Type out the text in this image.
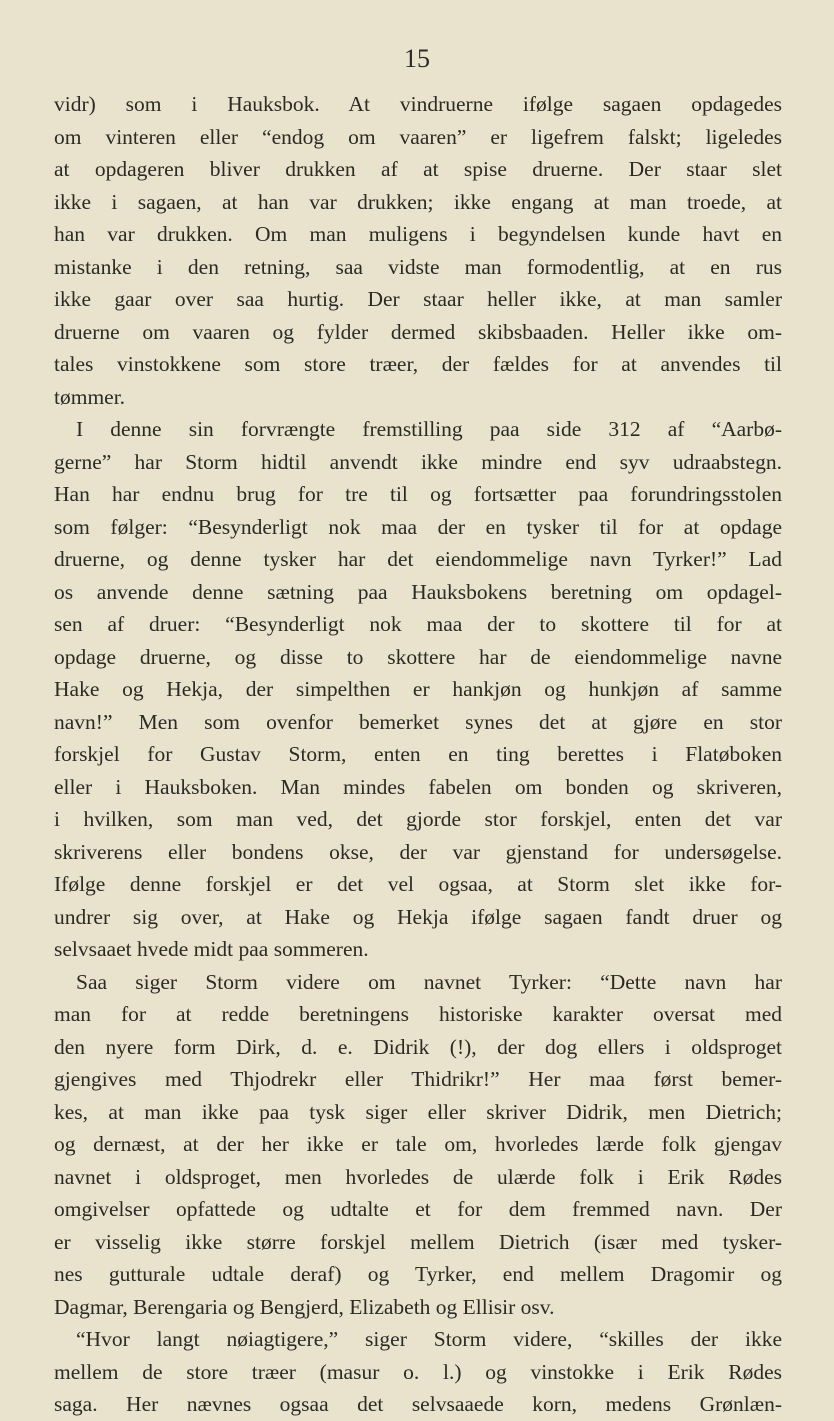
15
vidr) som i Hauksbok. At vindruerne ifølge sagaen opdagedes
om vinteren eller “endog om vaaren” er ligefrem falskt; ligeledes
at opdageren bliver drukken af at spise druerne. Der staar slet
ikke i sagaen, at han var drukken; ikke engang at man troede, at
han var drukken. Om man muligens i begyndelsen kunde havt en
mistanke i den retning, saa vidste man formodentlig, at en rus
ikke gaar over saa hurtig. Der staar heller ikke, at man samler
druerne om vaaren og fylder dermed skibsbaaden. Heller ikke om-
tales vinstokkene som store træer, der fældes for at anvendes til
tømmer.
I denne sin forvrængte fremstilling paa side 312 af “Aarbø-
gerne” har Storm hidtil anvendt ikke mindre end syv udraabstegn.
Han har endnu brug for tre til og fortsætter paa forundringsstolen
som følger: “Besynderligt nok maa der en tysker til for at opdage
druerne, og denne tysker har det eiendommelige navn Tyrker!” Lad
os anvende denne sætning paa Hauksbokens beretning om opdagel-
sen af druer: “Besynderligt nok maa der to skottere til for at
opdage druerne, og disse to skottere har de eiendommelige navne
Hake og Hekja, der simpelthen er hankjøn og hunkjøn af samme
navn!” Men som ovenfor bemerket synes det at gjøre en stor
forskjel for Gustav Storm, enten en ting berettes i Flatøboken
eller i Hauksboken. Man mindes fabelen om bonden og skriveren,
i hvilken, som man ved, det gjorde stor forskjel, enten det var
skriverens eller bondens okse, der var gjenstand for undersøgelse.
Ifølge denne forskjel er det vel ogsaa, at Storm slet ikke for-
undrer sig over, at Hake og Hekja ifølge sagaen fandt druer og
selvsaaet hvede midt paa sommeren.
Saa siger Storm videre om navnet Tyrker: “Dette navn har
man for at redde beretningens historiske karakter oversat med
den nyere form Dirk, d. e. Didrik (!), der dog ellers i oldsproget
gjengives med Thjodrekr eller Thidrikr!” Her maa først bemer-
kes, at man ikke paa tysk siger eller skriver Didrik, men Dietrich;
og dernæst, at der her ikke er tale om, hvorledes lærde folk gjengav
navnet i oldsproget, men hvorledes de ulærde folk i Erik Rødes
omgivelser opfattede og udtalte et for dem fremmed navn. Der
er visselig ikke større forskjel mellem Dietrich (især med tysker-
nes gutturale udtale deraf) og Tyrker, end mellem Dragomir og
Dagmar, Berengaria og Bengjerd, Elizabeth og Ellisir osv.
“Hvor langt nøiagtigere,” siger Storm videre, “skilles der ikke
mellem de store træer (masur o. l.) og vinstokke i Erik Rødes
saga. Her nævnes ogsaa det selvsaaede korn, medens Grønlæn-
